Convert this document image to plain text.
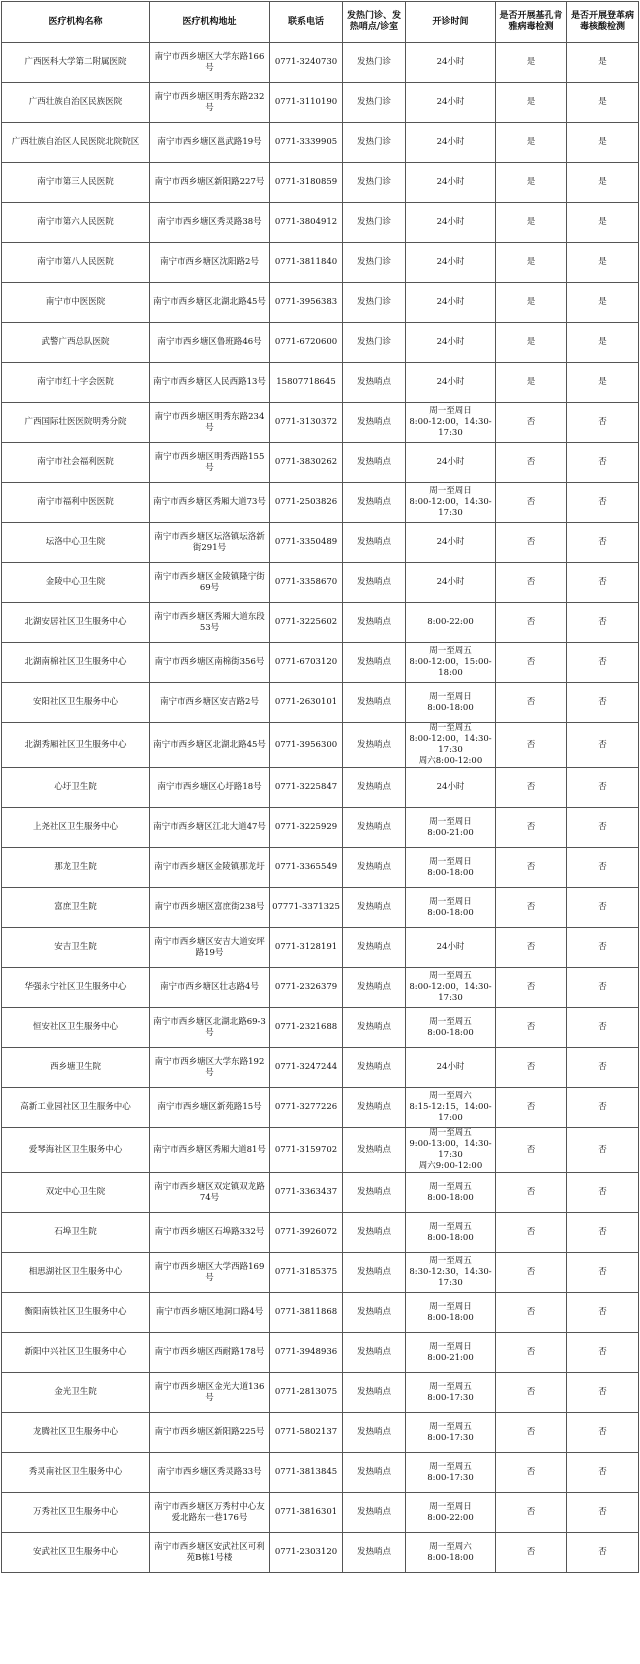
医疗机构名称	医疗机构地址	联系电话	发热门诊、发热哨点/诊室	开诊时间	是否开展基孔肯雅病毒检测	是否开展登革病毒核酸检测
广西医科大学第二附属医院	南宁市西乡塘区大学东路166号	0771-3240730	发热门诊	24小时	是	是
广西壮族自治区民族医院	南宁市西乡塘区明秀东路232号	0771-3110190	发热门诊	24小时	是	是
广西壮族自治区人民医院北院院区	南宁市西乡塘区邕武路19号	0771-3339905	发热门诊	24小时	是	是
南宁市第三人民医院	南宁市西乡塘区新阳路227号	0771-3180859	发热门诊	24小时	是	是
南宁市第六人民医院	南宁市西乡塘区秀灵路38号	0771-3804912	发热门诊	24小时	是	是
南宁市第八人民医院	南宁市西乡塘区沈阳路2号	0771-3811840	发热门诊	24小时	是	是
南宁市中医医院	南宁市西乡塘区北湖北路45号	0771-3956383	发热门诊	24小时	是	是
武警广西总队医院	南宁市西乡塘区鲁班路46号	0771-6720600	发热门诊	24小时	是	是
南宁市红十字会医院	南宁市西乡塘区人民西路13号	15807718645	发热哨点	24小时	是	是
广西国际壮医医院明秀分院	南宁市西乡塘区明秀东路234号	0771-3130372	发热哨点	周一至周日
8:00-12:00，14:30-17:30	否	否
南宁市社会福利医院	南宁市西乡塘区明秀西路155号	0771-3830262	发热哨点	24小时	否	否
南宁市福利中医医院	南宁市西乡塘区秀厢大道73号	0771-2503826	发热哨点	周一至周日
8:00-12:00，14:30-17:30	否	否
坛洛中心卫生院	南宁市西乡塘区坛洛镇坛洛新街291号	0771-3350489	发热哨点	24小时	否	否
金陵中心卫生院	南宁市西乡塘区金陵镇隆宁街69号	0771-3358670	发热哨点	24小时	否	否
北湖安居社区卫生服务中心	南宁市西乡塘区秀厢大道东段53号	0771-3225602	发热哨点	8:00-22:00	否	否
北湖南棉社区卫生服务中心	南宁市西乡塘区南棉街356号	0771-6703120	发热哨点	周一至周五
8:00-12:00，15:00-18:00	否	否
安阳社区卫生服务中心	南宁市西乡塘区安吉路2号	0771-2630101	发热哨点	周一至周日
8:00-18:00	否	否
北湖秀厢社区卫生服务中心	南宁市西乡塘区北湖北路45号	0771-3956300	发热哨点	周一至周五
8:00-12:00，14:30-17:30
周六8:00-12:00	否	否
心圩卫生院	南宁市西乡塘区心圩路18号	0771-3225847	发热哨点	24小时	否	否
上尧社区卫生服务中心	南宁市西乡塘区江北大道47号	0771-3225929	发热哨点	周一至周日
8:00-21:00	否	否
那龙卫生院	南宁市西乡塘区金陵镇那龙圩	0771-3365549	发热哨点	周一至周日
8:00-18:00	否	否
富庶卫生院	南宁市西乡塘区富庶街238号	07771-3371325	发热哨点	周一至周日
8:00-18:00	否	否
安吉卫生院	南宁市西乡塘区安吉大道安坪路19号	0771-3128191	发热哨点	24小时	否	否
华强永宁社区卫生服务中心	南宁市西乡塘区壮志路4号	0771-2326379	发热哨点	周一至周五
8:00-12:00，14:30-17:30	否	否
恒安社区卫生服务中心	南宁市西乡塘区北湖北路69-3号	0771-2321688	发热哨点	周一至周五
8:00-18:00	否	否
西乡塘卫生院	南宁市西乡塘区大学东路192号	0771-3247244	发热哨点	24小时	否	否
高新工业园社区卫生服务中心	南宁市西乡塘区新苑路15号	0771-3277226	发热哨点	周一至周六
8:15-12:15，14:00-17:00	否	否
爱琴海社区卫生服务中心	南宁市西乡塘区秀厢大道81号	0771-3159702	发热哨点	周一至周五
9:00-13:00，14:30-17:30
周六9:00-12:00	否	否
双定中心卫生院	南宁市西乡塘区双定镇双龙路74号	0771-3363437	发热哨点	周一至周五
8:00-18:00	否	否
石埠卫生院	南宁市西乡塘区石埠路332号	0771-3926072	发热哨点	周一至周五
8:00-18:00	否	否
相思湖社区卫生服务中心	南宁市西乡塘区大学西路169号	0771-3185375	发热哨点	周一至周五
8:30-12:30，14:30-17:30	否	否
衡阳南铁社区卫生服务中心	南宁市西乡塘区地洞口路4号	0771-3811868	发热哨点	周一至周日
8:00-18:00	否	否
新阳中兴社区卫生服务中心	南宁市西乡塘区西耐路178号	0771-3948936	发热哨点	周一至周日
8:00-21:00	否	否
金光卫生院	南宁市西乡塘区金光大道136号	0771-2813075	发热哨点	周一至周五
8:00-17:30	否	否
龙腾社区卫生服务中心	南宁市西乡塘区新阳路225号	0771-5802137	发热哨点	周一至周五
8:00-17:30	否	否
秀灵南社区卫生服务中心	南宁市西乡塘区秀灵路33号	0771-3813845	发热哨点	周一至周五
8:00-17:30	否	否
万秀社区卫生服务中心	南宁市西乡塘区万秀村中心友爱北路东一巷176号	0771-3816301	发热哨点	周一至周日
8:00-22:00	否	否
安武社区卫生服务中心	南宁市西乡塘区安武社区可利苑B栋1号楼	0771-2303120	发热哨点	周一至周六
8:00-18:00	否	否
